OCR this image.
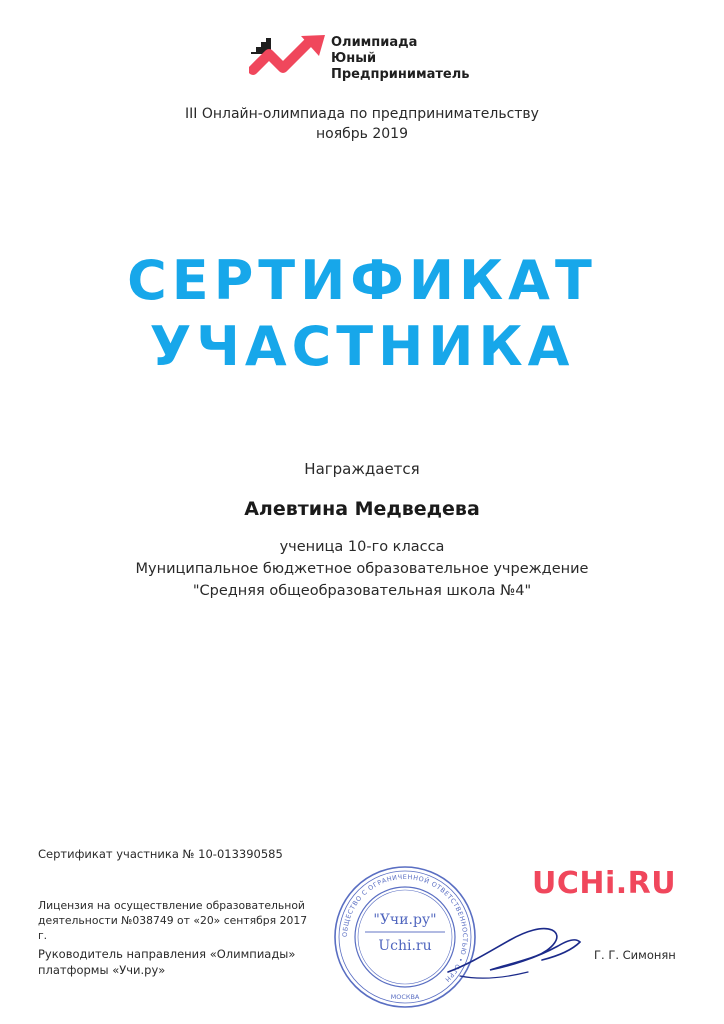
Олимпиада
Юный
Предприниматель
III Онлайн-олимпиада по предпринимательству
ноябрь 2019
СЕРТИФИКАТ
УЧАСТНИКА
Награждается
Алевтина Медведева
ученица 10-го класса
Муниципальное бюджетное образовательное учреждение
"Средняя общеобразовательная школа №4"
Сертификат участника № 10-013390585
Лицензия на осуществление образовательной
деятельности №038749 от «20» сентября 2017 г.
Руководитель направления «Олимпиады»
платформы «Учи.ру»
UCHi.RU
ОБЩЕСТВО С ОГРАНИЧЕННОЙ ОТВЕТСТВЕННОСТЬЮ • ОГРН
"Учи.ру"
Uchi.ru
МОСКВА
Г. Г. Симонян
